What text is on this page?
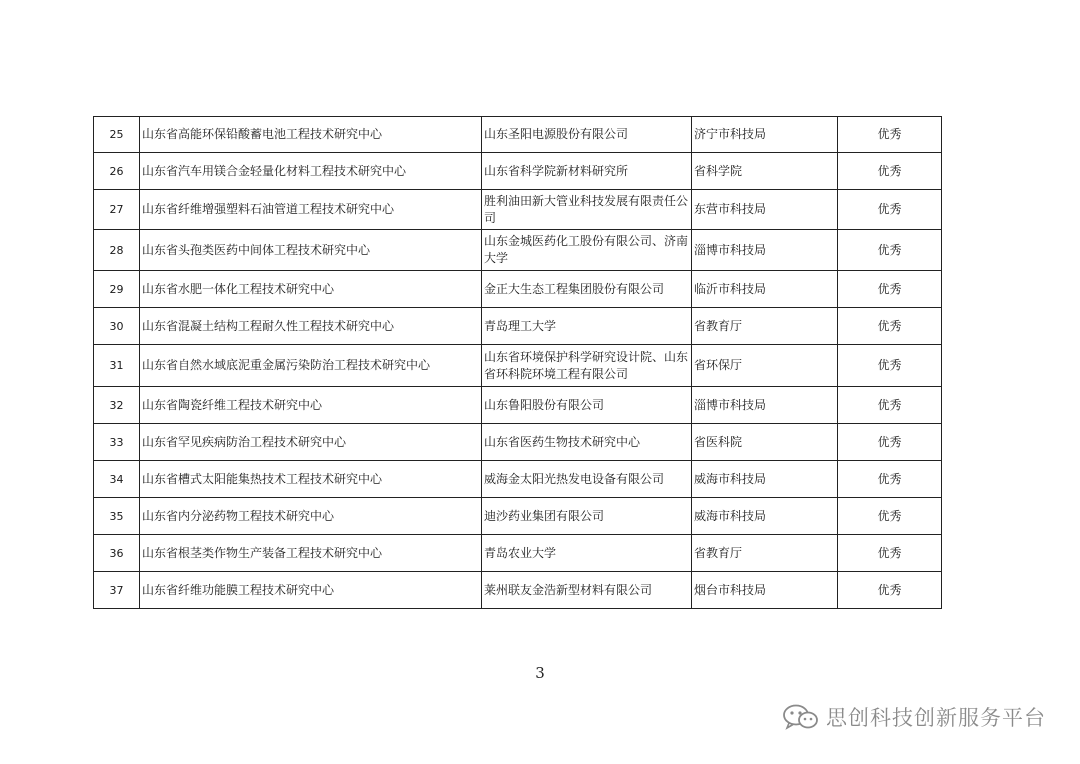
25	山东省高能环保铅酸蓄电池工程技术研究中心	山东圣阳电源股份有限公司	济宁市科技局	优秀
26	山东省汽车用镁合金轻量化材料工程技术研究中心	山东省科学院新材料研究所	省科学院	优秀
27	山东省纤维增强塑料石油管道工程技术研究中心	胜利油田新大管业科技发展有限责任公司	东营市科技局	优秀
28	山东省头孢类医药中间体工程技术研究中心	山东金城医药化工股份有限公司、济南大学	淄博市科技局	优秀
29	山东省水肥一体化工程技术研究中心	金正大生态工程集团股份有限公司	临沂市科技局	优秀
30	山东省混凝土结构工程耐久性工程技术研究中心	青岛理工大学	省教育厅	优秀
31	山东省自然水域底泥重金属污染防治工程技术研究中心	山东省环境保护科学研究设计院、山东省环科院环境工程有限公司	省环保厅	优秀
32	山东省陶瓷纤维工程技术研究中心	山东鲁阳股份有限公司	淄博市科技局	优秀
33	山东省罕见疾病防治工程技术研究中心	山东省医药生物技术研究中心	省医科院	优秀
34	山东省槽式太阳能集热技术工程技术研究中心	威海金太阳光热发电设备有限公司	威海市科技局	优秀
35	山东省内分泌药物工程技术研究中心	迪沙药业集团有限公司	威海市科技局	优秀
36	山东省根茎类作物生产装备工程技术研究中心	青岛农业大学	省教育厅	优秀
37	山东省纤维功能膜工程技术研究中心	莱州联友金浩新型材料有限公司	烟台市科技局	优秀
3
思创科技创新服务平台
